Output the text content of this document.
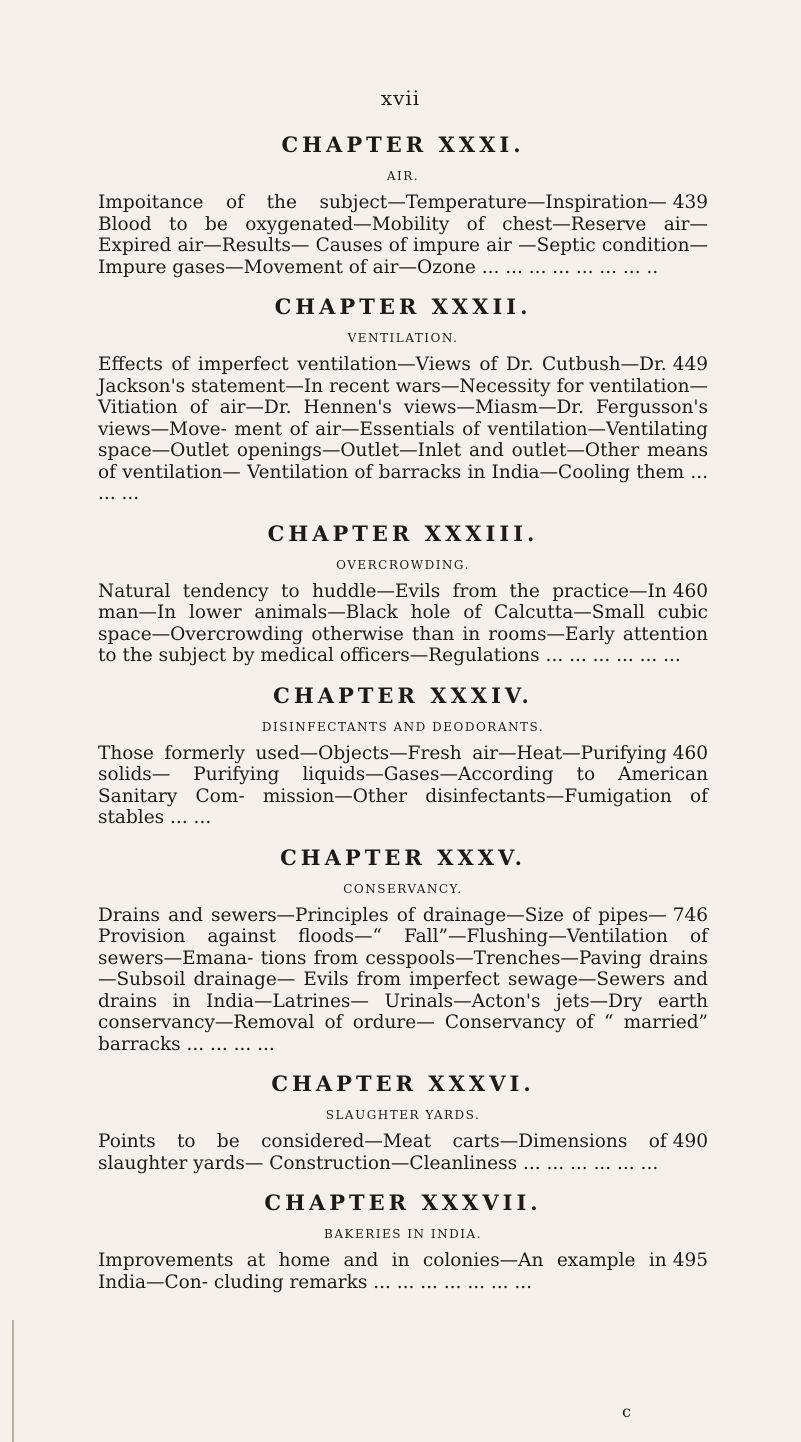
xvii
CHAPTER XXXI.
AIR.

439
Impoitance of the subject—Temperature—Inspiration—Blood to be oxygenated—Mobility of chest—Reserve air—Expired air—Results— Causes of impure air —Septic condition—Impure gases—Movement of air—Ozone ... ... ... ... ... ... ... ..

CHAPTER XXXII.
VENTILATION.

449
Effects of imperfect ventilation—Views of Dr. Cutbush—Dr. Jackson's statement—In recent wars—Necessity for ventilation—Vitiation of air—Dr. Hennen's views—Miasm—Dr. Fergusson's views—Move- ment of air—Essentials of ventilation—Ventilating space—Outlet openings—Outlet—Inlet and outlet—Other means of ventilation— Ventilation of barracks in India—Cooling them ... ... ...

CHAPTER XXXIII.
OVERCROWDING.

460
Natural tendency to huddle—Evils from the practice—In man—In lower animals—Black hole of Calcutta—Small cubic space—Overcrowding otherwise than in rooms—Early attention to the subject by medical officers—Regulations ... ... ... ... ... ...

CHAPTER XXXIV.
DISINFECTANTS AND DEODORANTS.

460
Those formerly used—Objects—Fresh air—Heat—Purifying solids— Purifying liquids—Gases—According to American Sanitary Com- mission—Other disinfectants—Fumigation of stables ... ...

CHAPTER XXXV.
CONSERVANCY.

746
Drains and sewers—Principles of drainage—Size of pipes—Provision against floods—“ Fall”—Flushing—Ventilation of sewers—Emana- tions from cesspools—Trenches—Paving drains—Subsoil drainage— Evils from imperfect sewage—Sewers and drains in India—Latrines— Urinals—Acton's jets—Dry earth conservancy—Removal of ordure— Conservancy of “ married” barracks ... ... ... ...

CHAPTER XXXVI.
SLAUGHTER YARDS.

490
Points to be considered—Meat carts—Dimensions of slaughter yards— Construction—Cleanliness ... ... ... ... ... ...

CHAPTER XXXVII.
BAKERIES IN INDIA.

495
Improvements at home and in colonies—An example in India—Con- cluding remarks ... ... ... ... ... ... ...

c
